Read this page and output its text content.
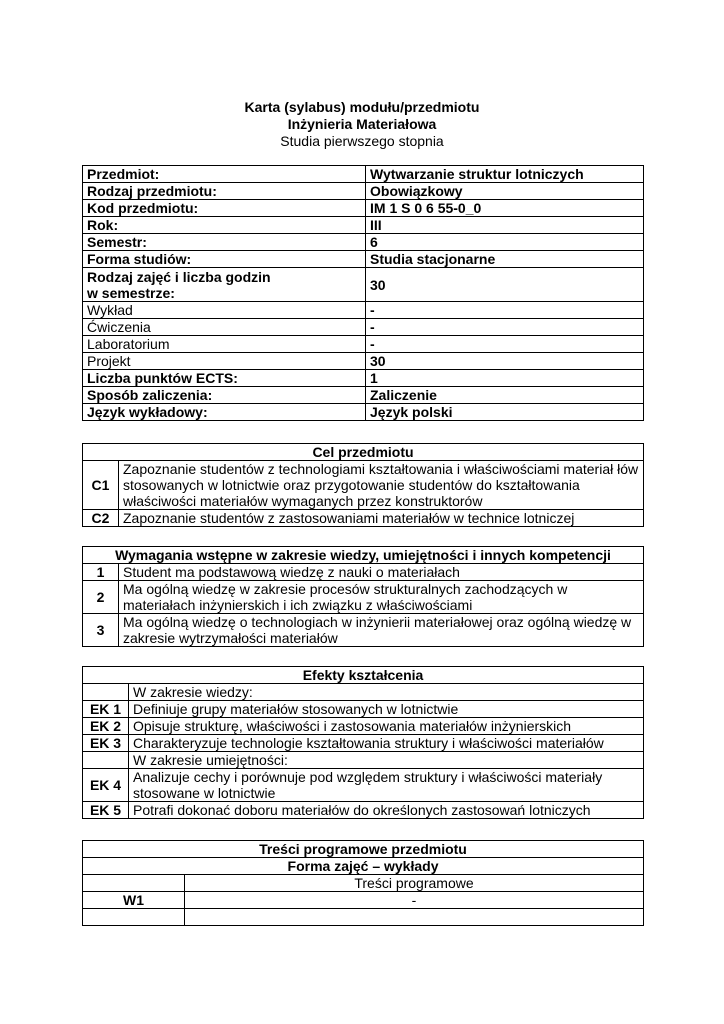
Karta (sylabus) modułu/przedmiotu
Inżynieria Materiałowa
Studia pierwszego stopnia
Przedmiot:	Wytwarzanie struktur lotniczych
Rodzaj przedmiotu:	Obowiązkowy
Kod przedmiotu:	IM 1 S 0 6 55-0_0
Rok:	III
Semestr:	6
Forma studiów:	Studia stacjonarne

Rodzaj zajęć i liczba godzin
w semestrze:	30
Wykład	-
Ćwiczenia	-
Laboratorium	-
Projekt	30
Liczba punktów ECTS:	1
Sposób zaliczenia:	Zaliczenie
Język wykładowy:	Język polski
Cel przedmiotu	
C1	Zapoznanie studentów z technologiami kształtowania i właściwościami materiał łów stosowanych w lotnictwie oraz przygotowanie studentów do kształtowania właściwości materiałów wymaganych przez konstruktorów
C2	Zapoznanie studentów z zastosowaniami materiałów w technice lotniczej
Wymagania wstępne w zakresie wiedzy, umiejętności i innych kompetencji	
1	Student ma podstawową wiedzę z nauki o materiałach
2	Ma ogólną wiedzę w zakresie procesów strukturalnych zachodzących w materiałach inżynierskich i ich związku z właściwościami
3	Ma ogólną wiedzę o technologiach w inżynierii materiałowej oraz ogólną wiedzę w zakresie wytrzymałości materiałów
Efekty kształcenia	
	W zakresie wiedzy:
EK 1	Definiuje grupy materiałów stosowanych w lotnictwie
EK 2	Opisuje strukturę, właściwości i zastosowania materiałów inżynierskich
EK 3	Charakteryzuje technologie kształtowania struktury i właściwości materiałów
	W zakresie umiejętności:
EK 4	Analizuje cechy i porównuje pod względem struktury i właściwości materiały stosowane w lotnictwie
EK 5	Potrafi dokonać doboru materiałów do określonych zastosowań lotniczych
Treści programowe przedmiotu	
Forma zajęć – wykłady	
	Treści programowe
W1	-
